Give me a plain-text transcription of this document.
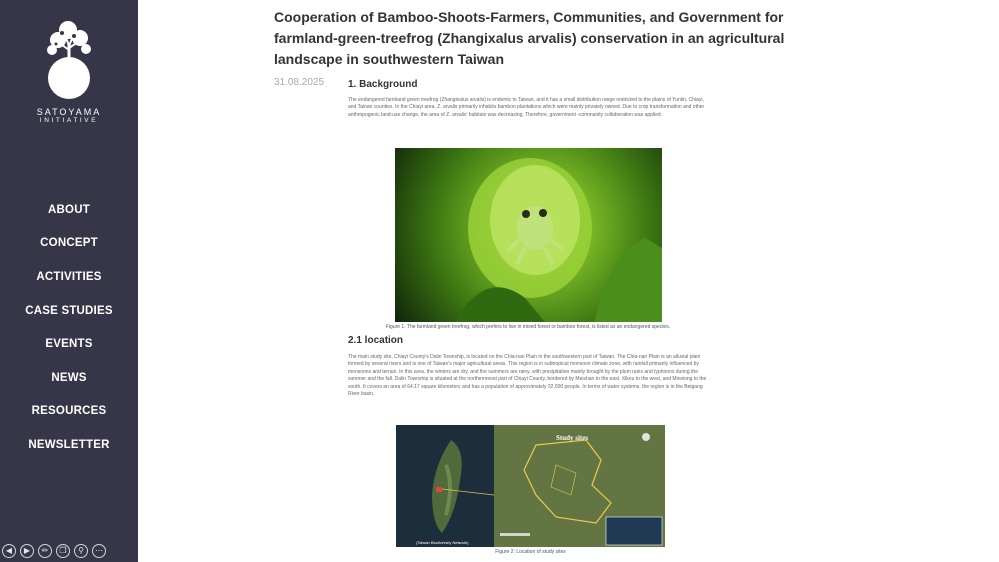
SATOYAMA
INITIATIVE
ABOUT
CONCEPT
ACTIVITIES
CASE STUDIES
EVENTS
NEWS
RESOURCES
NEWSLETTER
◀	▶	✏	❐	⚲	⋯
Cooperation of Bamboo-Shoots-Farmers, Communities, and Government for farmland-green-treefrog (Zhangixalus arvalis) conservation in an agricultural landscape in southwestern Taiwan
31.08.2025 1. Background

The endangered farmland green treefrog (Zhangixalus arvalis) is endemic to Taiwan, and it has a small distribution range restricted to the plains of Yunlin, Chiayi, and Tainan counties. In the Chiayi area, Z. arvalis primarily inhabits bamboo plantations which were mainly privately owned. Due to crop transformation and other anthropogenic land-use change, the area of Z. arvalis' habitats was decreasing. Therefore, government -community collaboration was applied.

Figure 1: The farmland green treefrog, which prefers to live in mixed forest or bamboo forest, is listed as an endangered species.
2.1 location

The main study site, Chiayi County's Dalin Township, is located on the Chia-nan Plain in the southwestern part of Taiwan. The Chia-nan Plain is an alluvial plain formed by several rivers and is one of Taiwan's major agricultural areas. This region is in subtropical monsoon climate zone, with rainfall primarily influenced by monsoons and terrain. In this area, the winters are dry, and the summers are rainy, with precipitation mainly brought by the plum rains and typhoons during the summer and the fall. Dalin Township is situated at the northernmost part of Chiayi County, bordered by Meishan to the east, Xikou to the west, and Minxiong to the south. It covers an area of 64.17 square kilometers and has a population of approximately 32,000 people. In terms of water systems, the region is in the Beigang River basin.

Study sites
(Taiwan Biodiversity Network)
Figure 2: Location of study sites
